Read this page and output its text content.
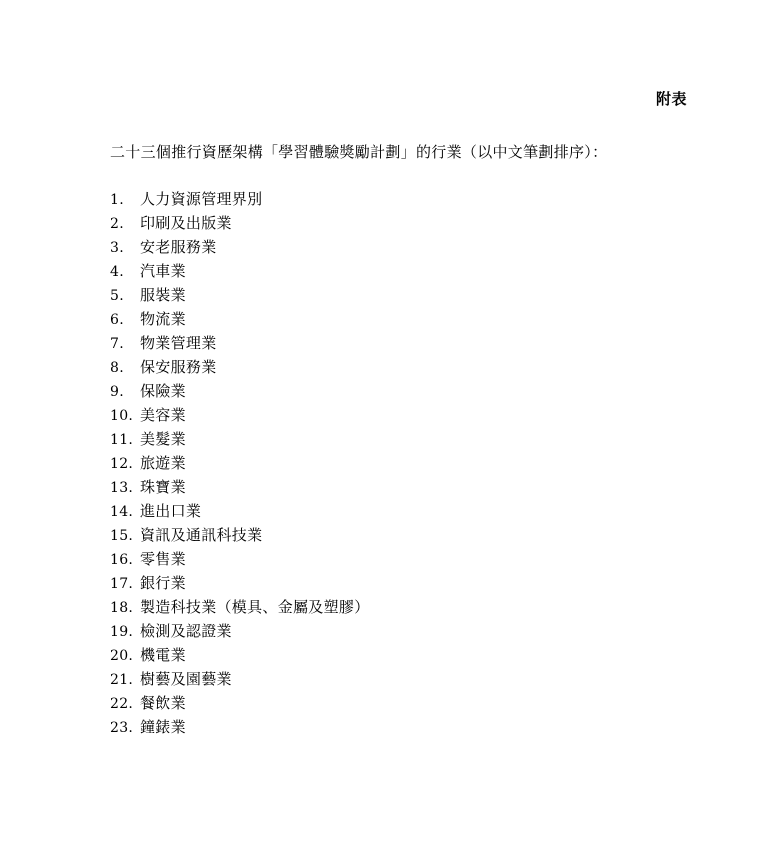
附表
二十三個推行資歷架構「學習體驗獎勵計劃」的行業（以中文筆劃排序）：
1.	人力資源管理界別
2.	印刷及出版業
3.	安老服務業
4.	汽車業
5.	服裝業
6.	物流業
7.	物業管理業
8.	保安服務業
9.	保險業
10. 美容業
11. 美髮業
12. 旅遊業
13. 珠寶業
14. 進出口業
15. 資訊及通訊科技業
16. 零售業
17. 銀行業
18. 製造科技業（模具、金屬及塑膠）
19. 檢測及認證業
20. 機電業
21. 樹藝及園藝業
22. 餐飲業
23. 鐘錶業
